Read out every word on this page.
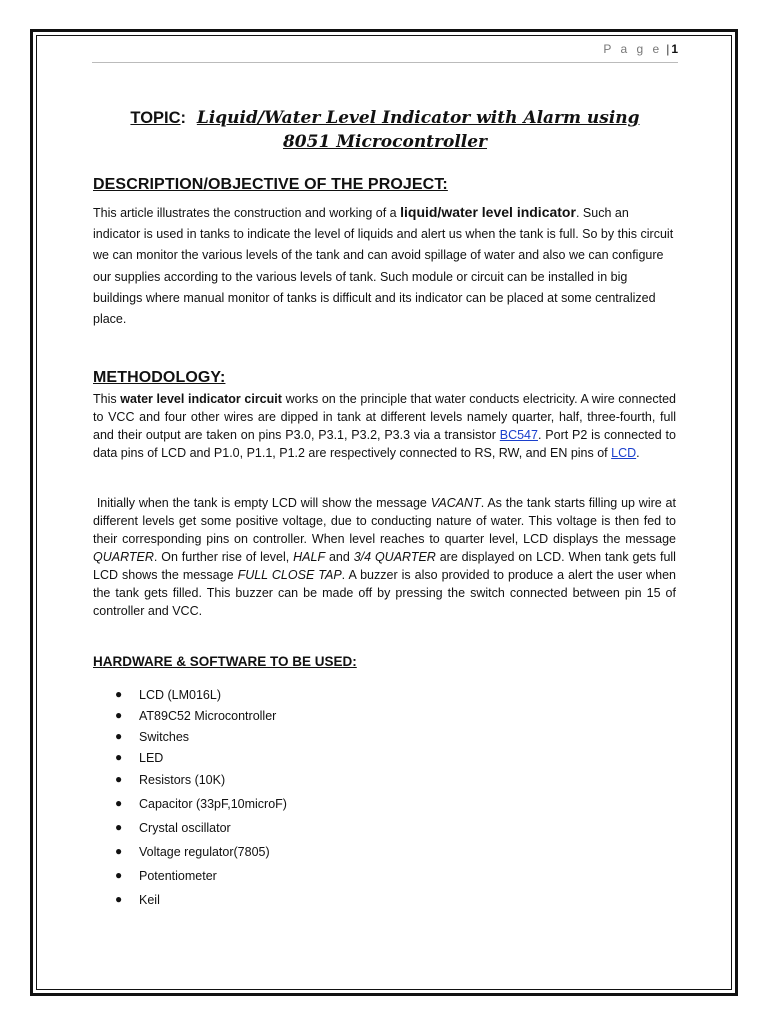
P a g e | 1
TOPIC: Liquid/Water Level Indicator with Alarm using
8051 Microcontroller
DESCRIPTION/OBJECTIVE OF THE PROJECT:
This article illustrates the construction and working of a liquid/water level indicator. Such an indicator is used in tanks to indicate the level of liquids and alert us when the tank is full. So by this circuit we can monitor the various levels of the tank and can avoid spillage of water and also we can configure our supplies according to the various levels of tank. Such module or circuit can be installed in big buildings where manual monitor of tanks is difficult and its indicator can be placed at some centralized place.
METHODOLOGY:
This water level indicator circuit works on the principle that water conducts electricity. A wire connected to VCC and four other wires are dipped in tank at different levels namely quarter, half, three-fourth, full and their output are taken on pins P3.0, P3.1, P3.2, P3.3 via a transistor BC547. Port P2 is connected to data pins of LCD and P1.0, P1.1, P1.2 are respectively connected to RS, RW, and EN pins of LCD.
Initially when the tank is empty LCD will show the message VACANT. As the tank starts filling up wire at different levels get some positive voltage, due to conducting nature of water. This voltage is then fed to their corresponding pins on controller. When level reaches to quarter level, LCD displays the message QUARTER. On further rise of level, HALF and 3/4 QUARTER are displayed on LCD. When tank gets full LCD shows the message FULL CLOSE TAP. A buzzer is also provided to produce a alert the user when the tank gets filled. This buzzer can be made off by pressing the switch connected between pin 15 of controller and VCC.
HARDWARE & SOFTWARE TO BE USED:
● LCD (LM016L)
● AT89C52 Microcontroller
● Switches
● LED
● Resistors (10K)
● Capacitor (33pF,10microF)
● Crystal oscillator
● Voltage regulator(7805)
● Potentiometer
● Keil
